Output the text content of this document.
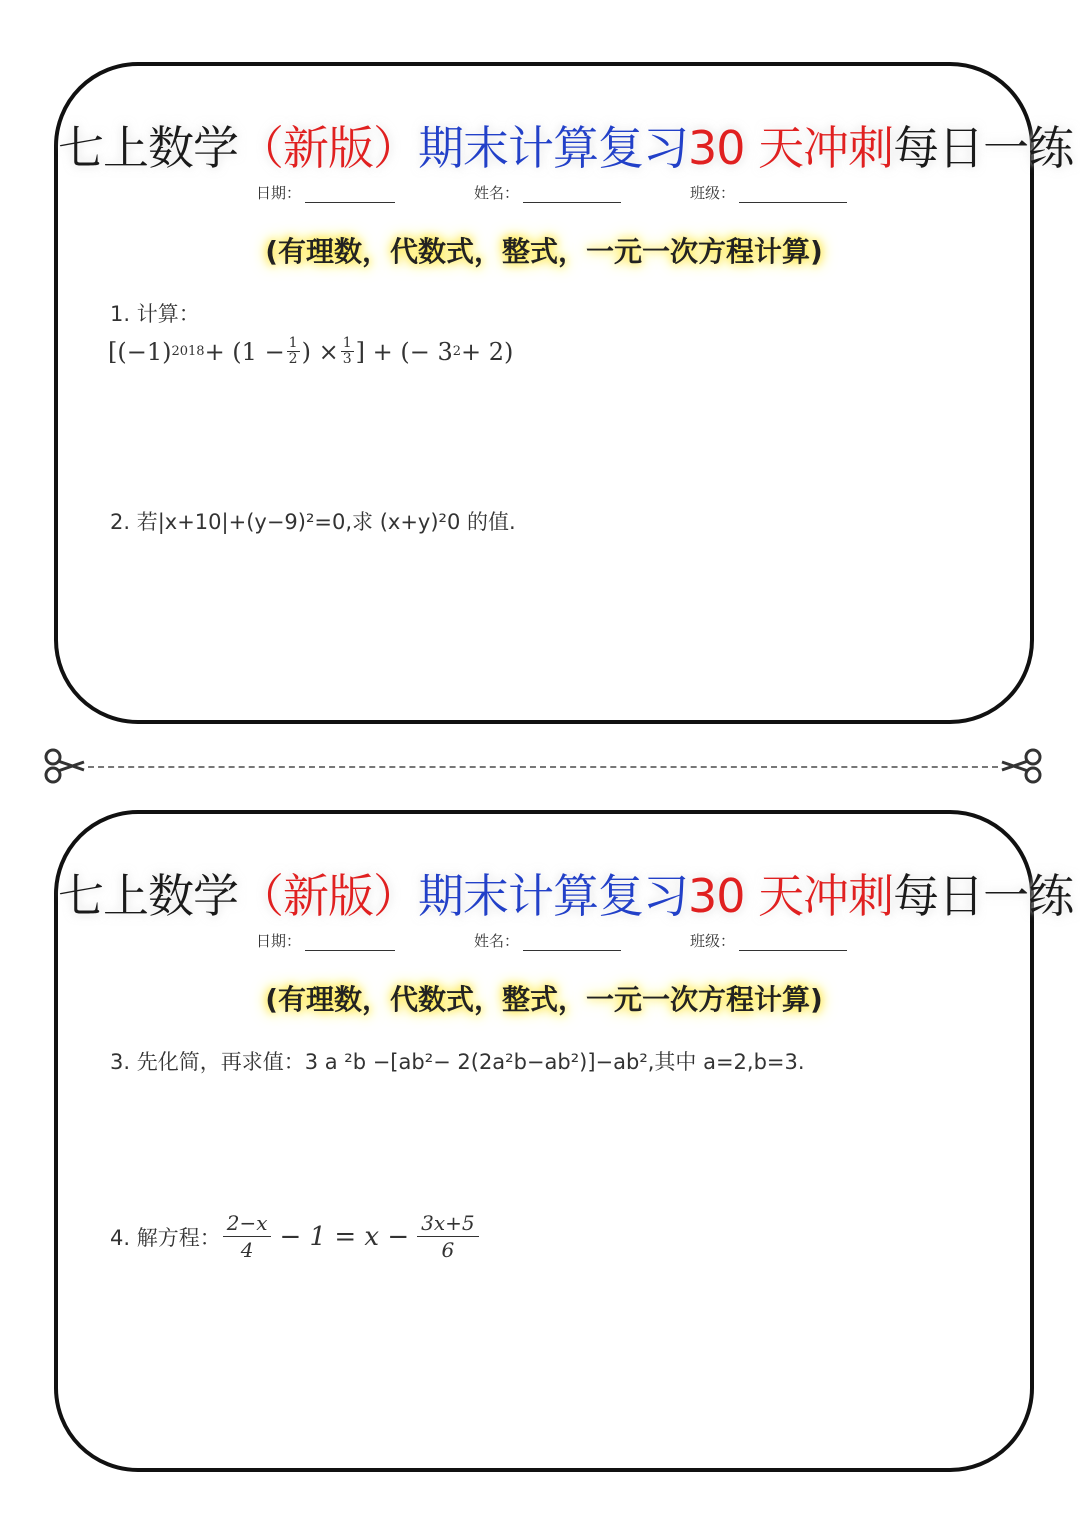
七上数学（新版）期末计算复习30 天冲刺每日一练
日期：	姓名：	班级：
(有理数，代数式，整式，一元一次方程计算)
1. 计算：
[(−1) $2018 + (1 - \frac{1}{2}$ ) × $\frac{1}{3}$ ] + (− 3 2 + 2)
2. 若|x+10|+(y−9)²=0,求 (x+y)²0 的值.
七上数学（新版）期末计算复习30 天冲刺每日一练
日期：	姓名：	班级：
(有理数，代数式，整式，一元一次方程计算)
3. 先化简，再求值：3 a ²b −[ab²− 2(2a²b−ab²)]−ab²,其中 a=2,b=3.
4. 解方程： $\frac{2-x}{4} - 1 = x - \frac{3x+5}{6}$
